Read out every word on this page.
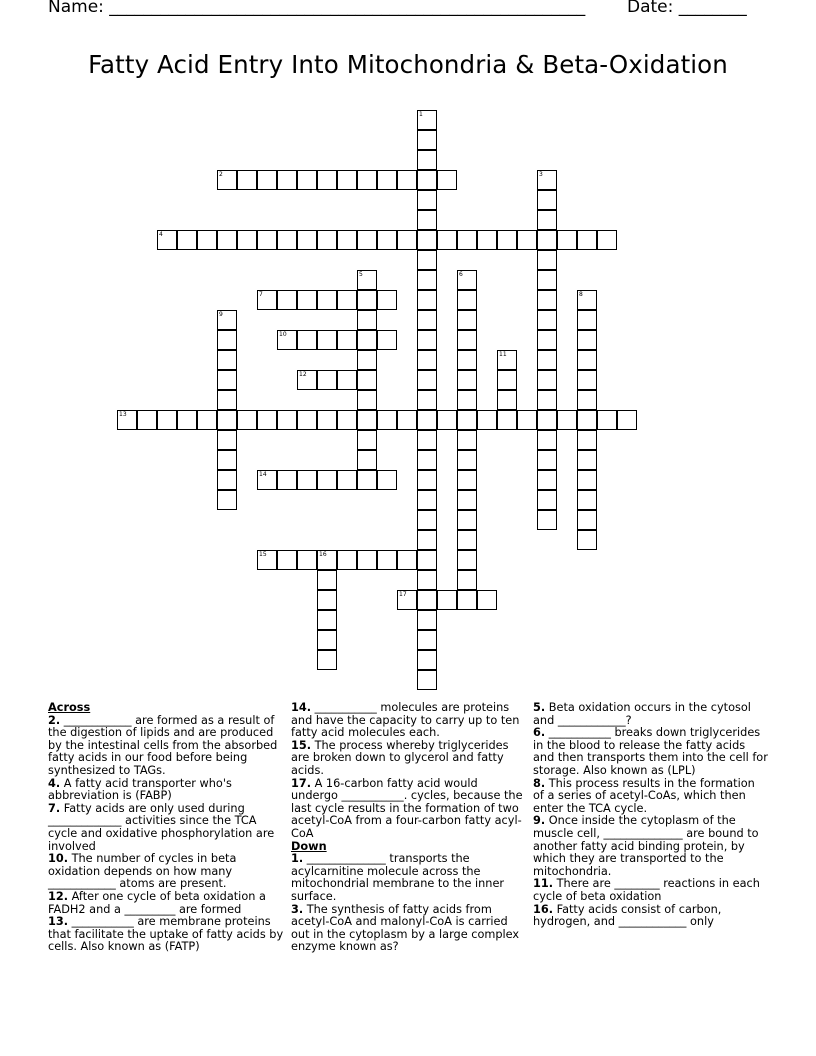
Name: ________________________________________________________ Date: ________
Fatty Acid Entry Into Mitochondria & Beta-Oxidation
1
2	3
4
5	6
7	8
9
10
11
12
13
14
15	16
17
Across
2. ____________ are formed as a result of the digestion of lipids and are produced by the intestinal cells from the absorbed fatty acids in our food before being synthesized to TAGs.
4. A fatty acid transporter who's abbreviation is (FABP)
7. Fatty acids are only used during _____________ activities since the TCA cycle and oxidative phosphorylation are involved
10. The number of cycles in beta oxidation depends on how many ____________ atoms are present.
12. After one cycle of beta oxidation a FADH2 and a _________ are formed
13. ___________ are membrane proteins that facilitate the uptake of fatty acids by cells. Also known as (FATP)
14. ___________ molecules are proteins and have the capacity to carry up to ten fatty acid molecules each.
15. The process whereby triglycerides are broken down to glycerol and fatty acids.
17. A 16-carbon fatty acid would undergo ___________. cycles, because the last cycle results in the formation of two acetyl-CoA from a four-carbon fatty acyl-CoA
Down
1. ______________ transports the acylcarnitine molecule across the mitochondrial membrane to the inner surface.
3. The synthesis of fatty acids from acetyl-CoA and malonyl-CoA is carried out in the cytoplasm by a large complex enzyme known as?
5. Beta oxidation occurs in the cytosol and ____________?
6. ___________ breaks down triglycerides in the blood to release the fatty acids and then transports them into the cell for storage. Also known as (LPL)
8. This process results in the formation of a series of acetyl-CoAs, which then enter the TCA cycle.
9. Once inside the cytoplasm of the muscle cell, ______________ are bound to another fatty acid binding protein, by which they are transported to the mitochondria.
11. There are ________ reactions in each cycle of beta oxidation
16. Fatty acids consist of carbon, hydrogen, and ____________ only
